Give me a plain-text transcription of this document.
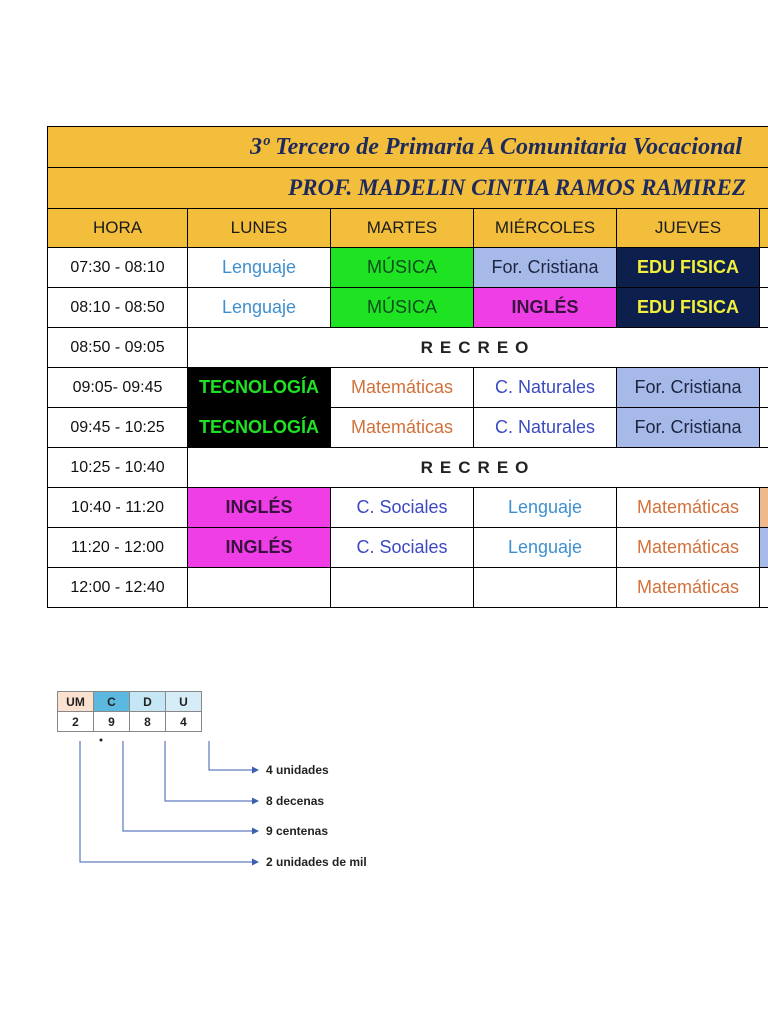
3º Tercero de Primaria A Comunitaria Vocacional					
PROF. MADELIN CINTIA RAMOS RAMIREZ					
HORA	LUNES	MARTES	MIÉRCOLES	JUEVES	
07:30 - 08:10	Lenguaje	MÚSICA	For. Cristiana	EDU FISICA	
08:10 - 08:50	Lenguaje	MÚSICA	INGLÉS	EDU FISICA	
08:50 - 09:05	RECREO				
09:05- 09:45	TECNOLOGÍA	Matemáticas	C. Naturales	For. Cristiana	
09:45 - 10:25	TECNOLOGÍA	Matemáticas	C. Naturales	For. Cristiana	
10:25 - 10:40	RECREO				
10:40 - 11:20	INGLÉS	C. Sociales	Lenguaje	Matemáticas	
11:20 - 12:00	INGLÉS	C. Sociales	Lenguaje	Matemáticas	
12:00 - 12:40				Matemáticas	
UM	C	D	U
2	9	8	4
4 unidades
8 decenas
9 centenas
2 unidades de mil
